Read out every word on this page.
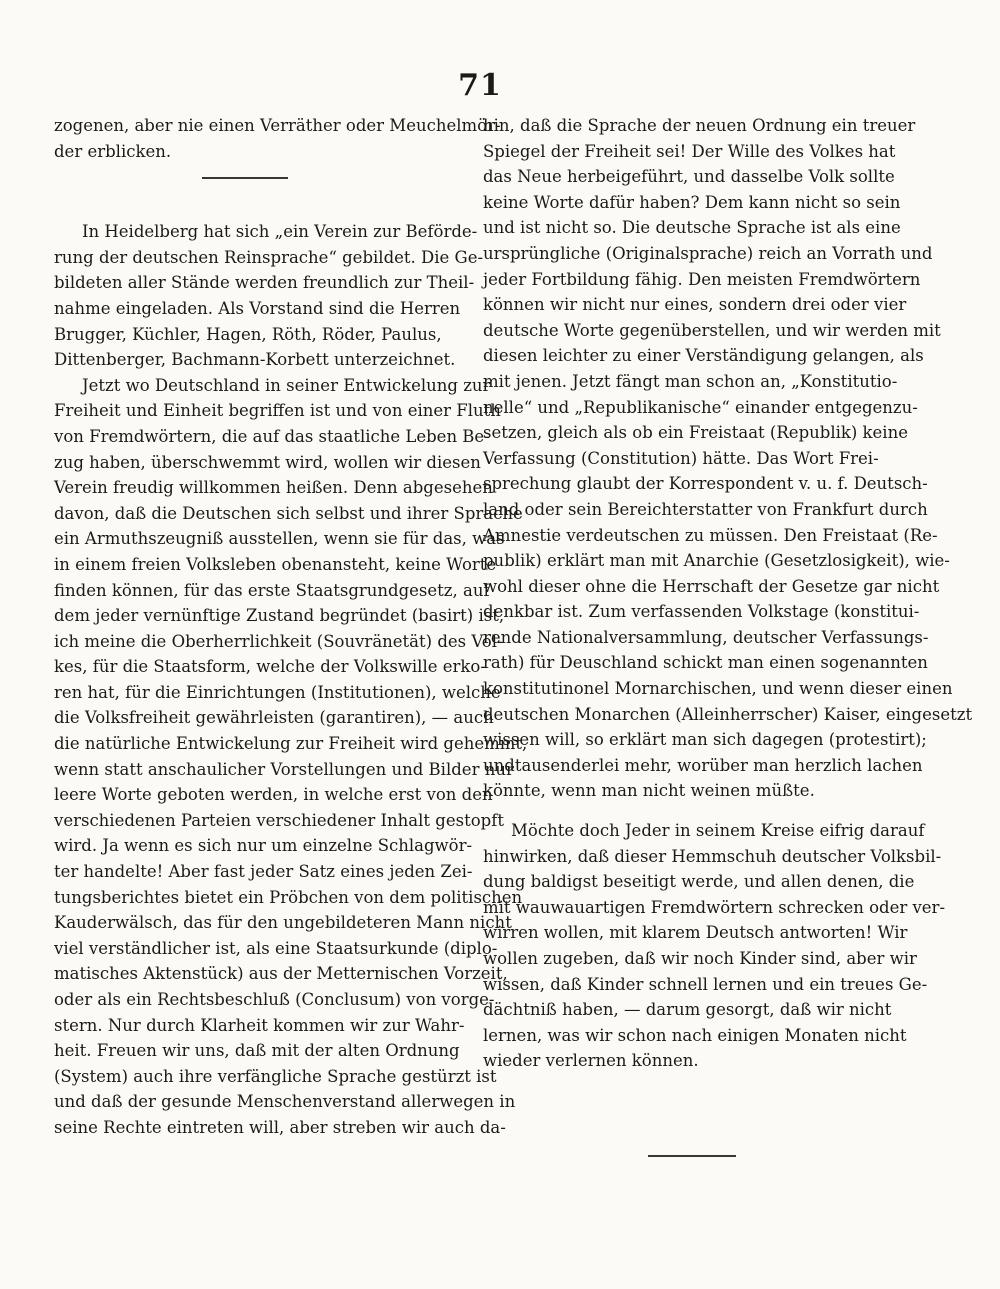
71
zogenen, aber nie einen Verräther oder Meuchelmör-
der erblicken.
In Heidelberg hat sich „ein Verein zur Beförde-
rung der deutschen Reinsprache“ gebildet. Die Ge-
bildeten aller Stände werden freundlich zur Theil-
nahme eingeladen. Als Vorstand sind die Herren
Brugger, Küchler, Hagen, Röth, Röder, Paulus,
Dittenberger, Bachmann-Korbett unterzeichnet.
Jetzt wo Deutschland in seiner Entwickelung zur
Freiheit und Einheit begriffen ist und von einer Fluth
von Fremdwörtern, die auf das staatliche Leben Be-
zug haben, überschwemmt wird, wollen wir diesen
Verein freudig willkommen heißen. Denn abgesehen
davon, daß die Deutschen sich selbst und ihrer Sprache
ein Armuthszeugniß ausstellen, wenn sie für das, was
in einem freien Volksleben obenansteht, keine Worte
finden können, für das erste Staatsgrundgesetz, auf
dem jeder vernünftige Zustand begründet (basirt) ist,
ich meine die Oberherrlichkeit (Souvränetät) des Vol-
kes, für die Staatsform, welche der Volkswille erko-
ren hat, für die Einrichtungen (Institutionen), welche
die Volksfreiheit gewährleisten (garantiren), — auch
die natürliche Entwickelung zur Freiheit wird gehemmt,
wenn statt anschaulicher Vorstellungen und Bilder nur
leere Worte geboten werden, in welche erst von den
verschiedenen Parteien verschiedener Inhalt gestopft
wird. Ja wenn es sich nur um einzelne Schlagwör-
ter handelte! Aber fast jeder Satz eines jeden Zei-
tungsberichtes bietet ein Pröbchen von dem politischen
Kauderwälsch, das für den ungebildeteren Mann nicht
viel verständlicher ist, als eine Staatsurkunde (diplo-
matisches Aktenstück) aus der Metternischen Vorzeit,
oder als ein Rechtsbeschluß (Conclusum) von vorge-
stern. Nur durch Klarheit kommen wir zur Wahr-
heit. Freuen wir uns, daß mit der alten Ordnung
(System) auch ihre verfängliche Sprache gestürzt ist
und daß der gesunde Menschenverstand allerwegen in
seine Rechte eintreten will, aber streben wir auch da-
hin, daß die Sprache der neuen Ordnung ein treuer
Spiegel der Freiheit sei! Der Wille des Volkes hat
das Neue herbeigeführt, und dasselbe Volk sollte
keine Worte dafür haben? Dem kann nicht so sein
und ist nicht so. Die deutsche Sprache ist als eine
ursprüngliche (Originalsprache) reich an Vorrath und
jeder Fortbildung fähig. Den meisten Fremdwörtern
können wir nicht nur eines, sondern drei oder vier
deutsche Worte gegenüberstellen, und wir werden mit
diesen leichter zu einer Verständigung gelangen, als
mit jenen. Jetzt fängt man schon an, „Konstitutio-
nelle“ und „Republikanische“ einander entgegenzu-
setzen, gleich als ob ein Freistaat (Republik) keine
Verfassung (Constitution) hätte. Das Wort Frei-
sprechung glaubt der Korrespondent v. u. f. Deutsch-
land oder sein Bereichterstatter von Frankfurt durch
Amnestie verdeutschen zu müssen. Den Freistaat (Re-
publik) erklärt man mit Anarchie (Gesetzlosigkeit), wie-
wohl dieser ohne die Herrschaft der Gesetze gar nicht
denkbar ist. Zum verfassenden Volkstage (konstitui-
rende Nationalversammlung, deutscher Verfassungs-
rath) für Deuschland schickt man einen sogenannten
konstitutinonel Mornarchischen, und wenn dieser einen
deutschen Monarchen (Alleinherrscher) Kaiser, eingesetzt
wissen will, so erklärt man sich dagegen (protestirt);
undtausenderlei mehr, worüber man herzlich lachen
könnte, wenn man nicht weinen müßte.
Möchte doch Jeder in seinem Kreise eifrig darauf
hinwirken, daß dieser Hemmschuh deutscher Volksbil-
dung baldigst beseitigt werde, und allen denen, die
mit wauwauartigen Fremdwörtern schrecken oder ver-
wirren wollen, mit klarem Deutsch antworten! Wir
wollen zugeben, daß wir noch Kinder sind, aber wir
wissen, daß Kinder schnell lernen und ein treues Ge-
dächtniß haben, — darum gesorgt, daß wir nicht
lernen, was wir schon nach einigen Monaten nicht
wieder verlernen können.
